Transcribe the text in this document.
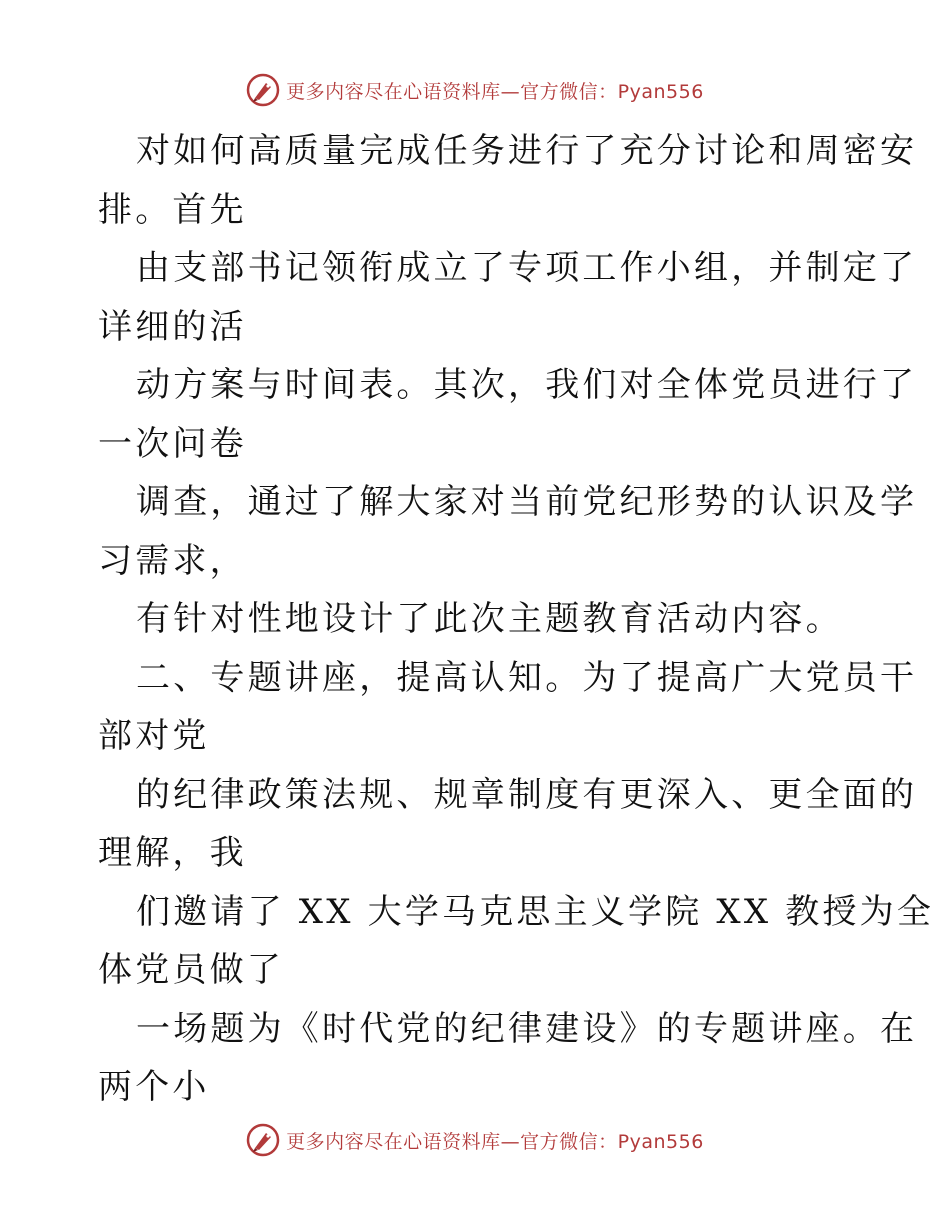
更多内容尽在心语资料库—官方微信：Pyan556
对如何高质量完成任务进行了充分讨论和周密安
排。首先
由支部书记领衔成立了专项工作小组，并制定了
详细的活
动方案与时间表。其次，我们对全体党员进行了
一次问卷
调查，通过了解大家对当前党纪形势的认识及学
习需求，
有针对性地设计了此次主题教育活动内容。
二、专题讲座，提高认知。为了提高广大党员干
部对党
的纪律政策法规、规章制度有更深入、更全面的
理解，我
们邀请了 XX 大学马克思主义学院 XX 教授为全
体党员做了
一场题为《时代党的纪律建设》的专题讲座。在
两个小
更多内容尽在心语资料库—官方微信：Pyan556
